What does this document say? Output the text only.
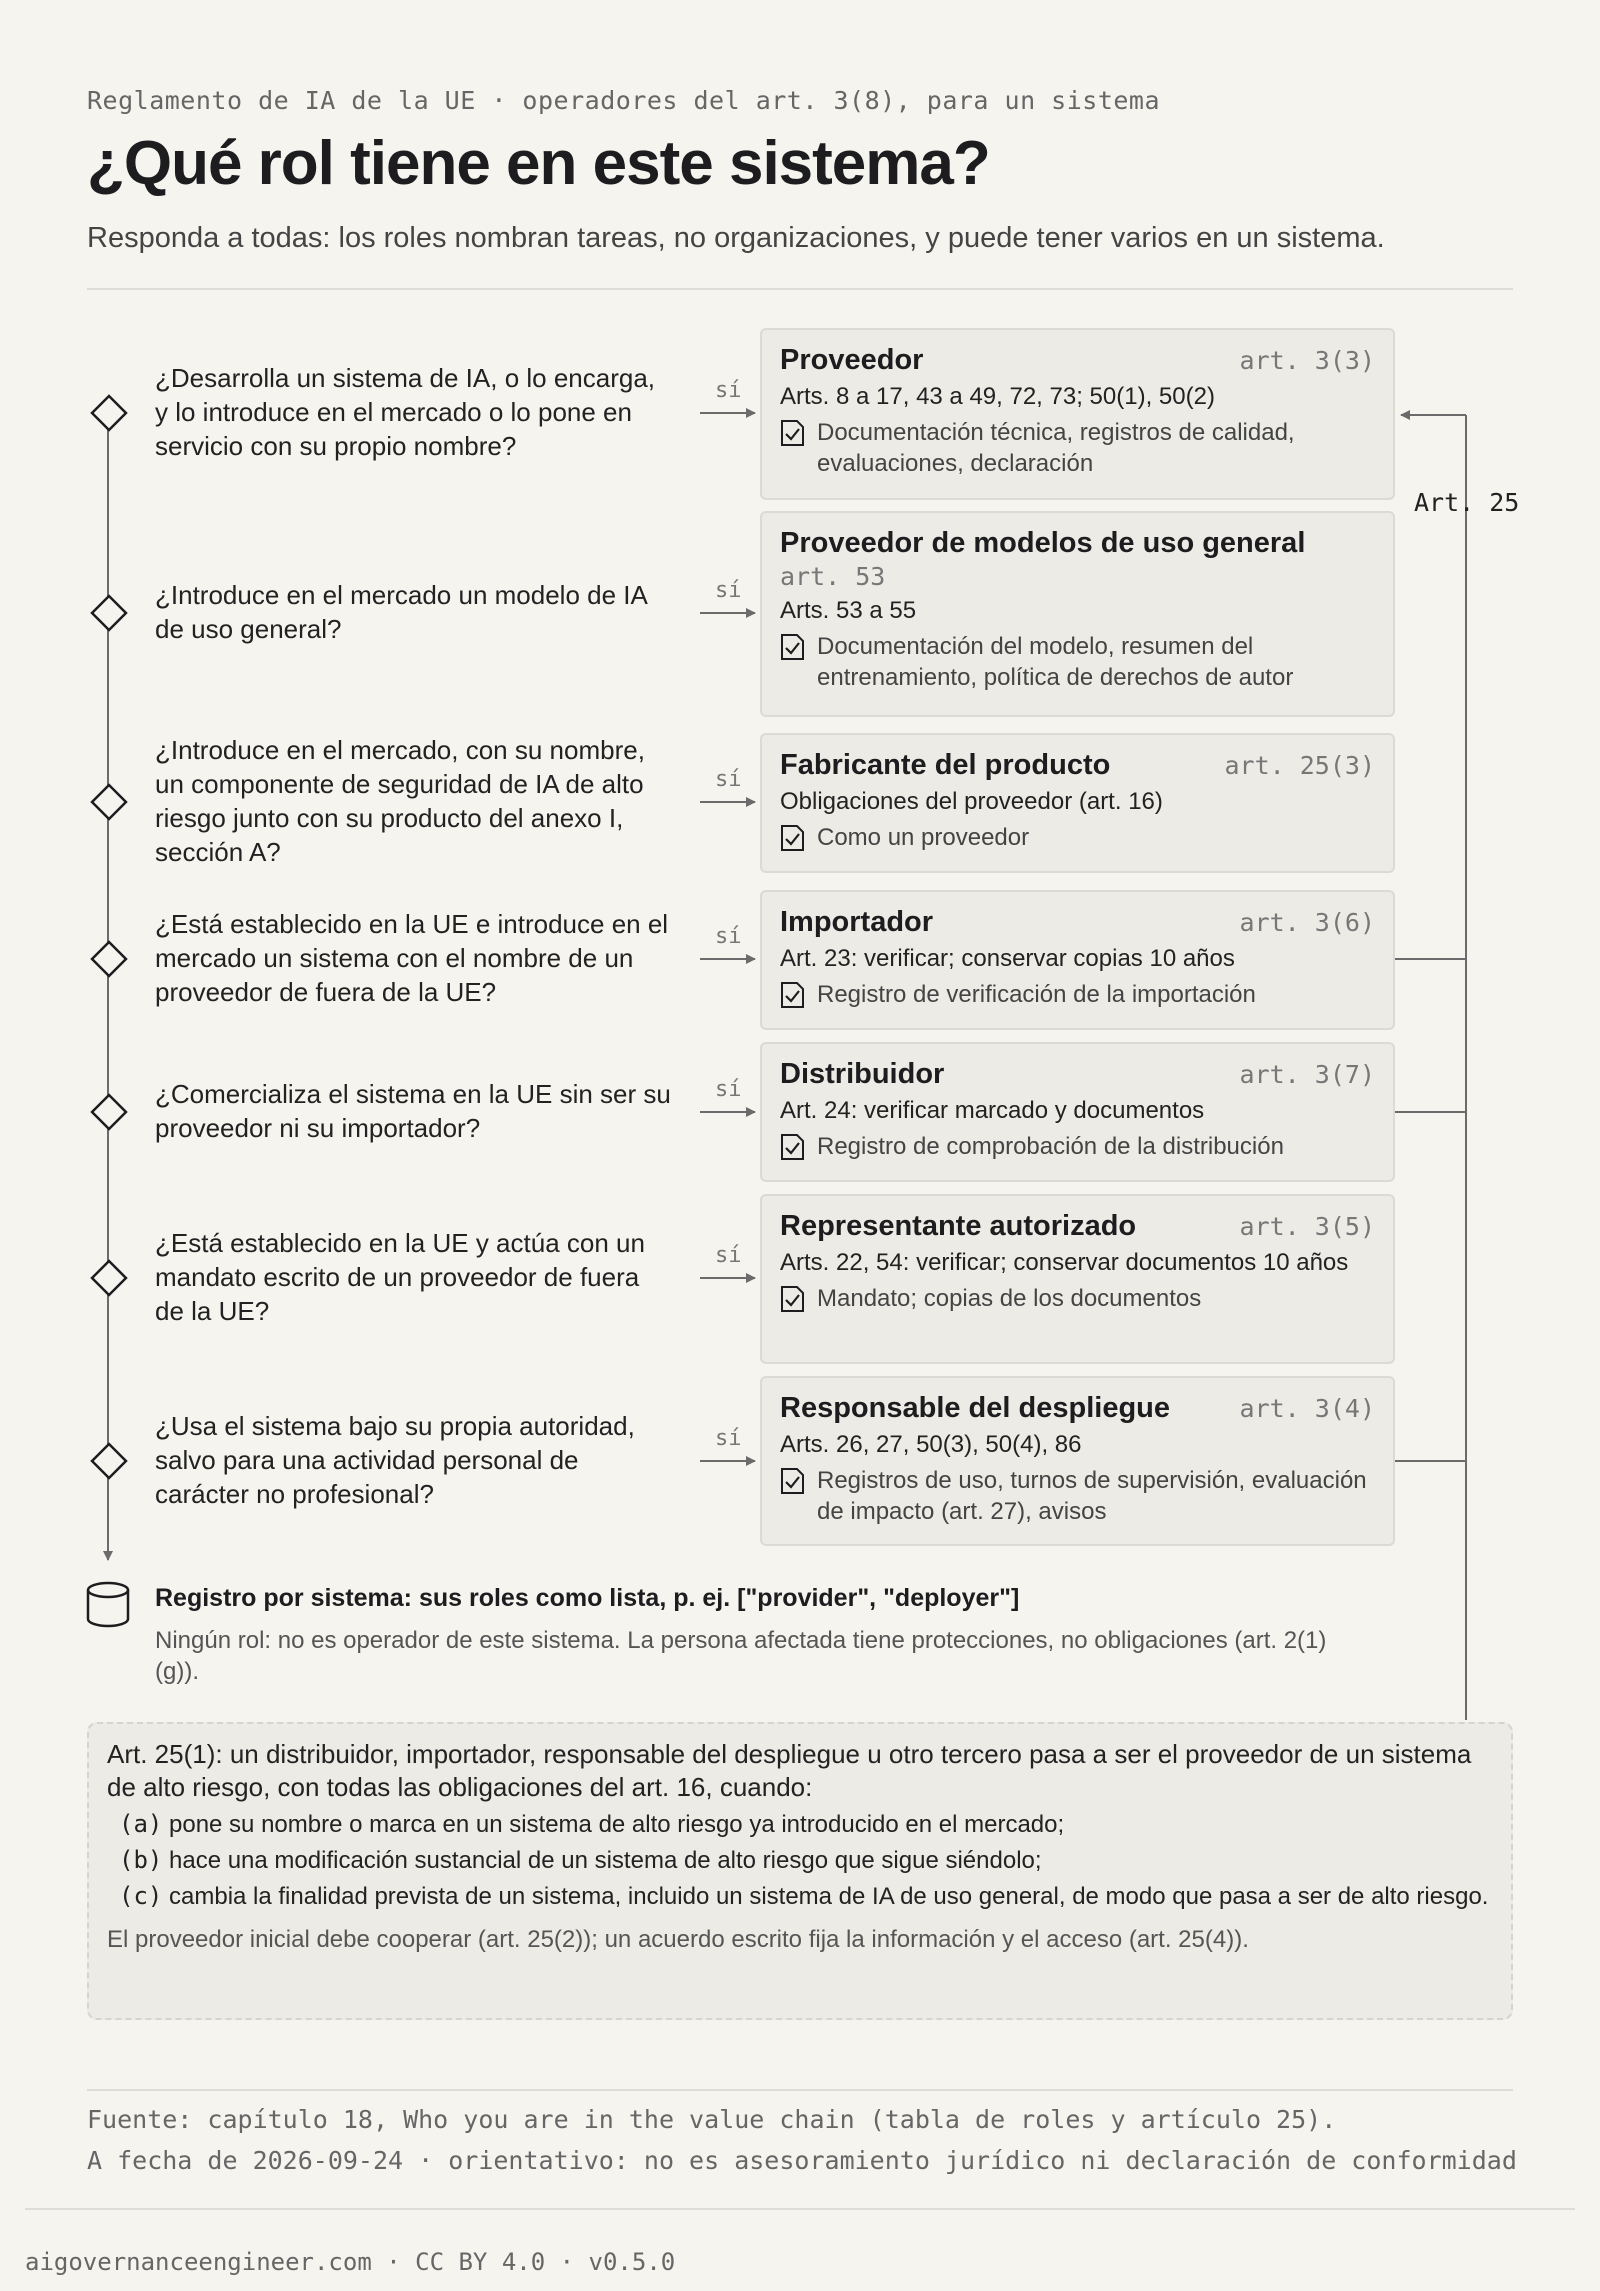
Reglamento de IA de la UE · operadores del art. 3(8), para un sistema
¿Qué rol tiene en este sistema?
Responda a todas: los roles nombran tareas, no organizaciones, y puede tener varios en un sistema.
Art. 25
¿Desarrolla un sistema de IA, o lo encarga, y lo introduce en el mercado o lo pone en servicio con su propio nombre?
sí
Proveedor	art. 3(3)
Arts. 8 a 17, 43 a 49, 72, 73; 50(1), 50(2)
Documentación técnica, registros de calidad, evaluaciones, declaración
¿Introduce en el mercado un modelo de IA de uso general?
sí
Proveedor de modelos de uso general
art. 53
Arts. 53 a 55
Documentación del modelo, resumen del entrenamiento, política de derechos de autor
¿Introduce en el mercado, con su nombre, un componente de seguridad de IA de alto riesgo junto con su producto del anexo I, sección A?
sí Fabricante del producto	art. 25(3)
Obligaciones del proveedor (art. 16)
Como un proveedor
¿Está establecido en la UE e introduce en el mercado un sistema con el nombre de un proveedor de fuera de la UE?
sí Importador	art. 3(6)
Art. 23: verificar; conservar copias 10 años
Registro de verificación de la importación
¿Comercializa el sistema en la UE sin ser su proveedor ni su importador?
sí Distribuidor	art. 3(7)
Art. 24: verificar marcado y documentos
Registro de comprobación de la distribución
¿Está establecido en la UE y actúa con un mandato escrito de un proveedor de fuera de la UE?
sí
Representante autorizado	art. 3(5)
Arts. 22, 54: verificar; conservar documentos 10 años
Mandato; copias de los documentos
¿Usa el sistema bajo su propia autoridad, salvo para una actividad personal de carácter no profesional?
sí
Responsable del despliegue	art. 3(4)
Arts. 26, 27, 50(3), 50(4), 86
Registros de uso, turnos de supervisión, evaluación de impacto (art. 27), avisos
Registro por sistema: sus roles como lista, p. ej. ["provider", "deployer"]
Ningún rol: no es operador de este sistema. La persona afectada tiene protecciones, no obligaciones (art. 2(1)(g)).
Art. 25(1): un distribuidor, importador, responsable del despliegue u otro tercero pasa a ser el proveedor de un sistema de alto riesgo, con todas las obligaciones del art. 16, cuando:
(a) pone su nombre o marca en un sistema de alto riesgo ya introducido en el mercado;
(b) hace una modificación sustancial de un sistema de alto riesgo que sigue siéndolo;
(c) cambia la finalidad prevista de un sistema, incluido un sistema de IA de uso general, de modo que pasa a ser de alto riesgo.
El proveedor inicial debe cooperar (art. 25(2)); un acuerdo escrito fija la información y el acceso (art. 25(4)).
Fuente: capítulo 18, Who you are in the value chain (tabla de roles y artículo 25).
A fecha de 2026-09-24 · orientativo: no es asesoramiento jurídico ni declaración de conformidad
aigovernanceengineer.com · CC BY 4.0 · v0.5.0
